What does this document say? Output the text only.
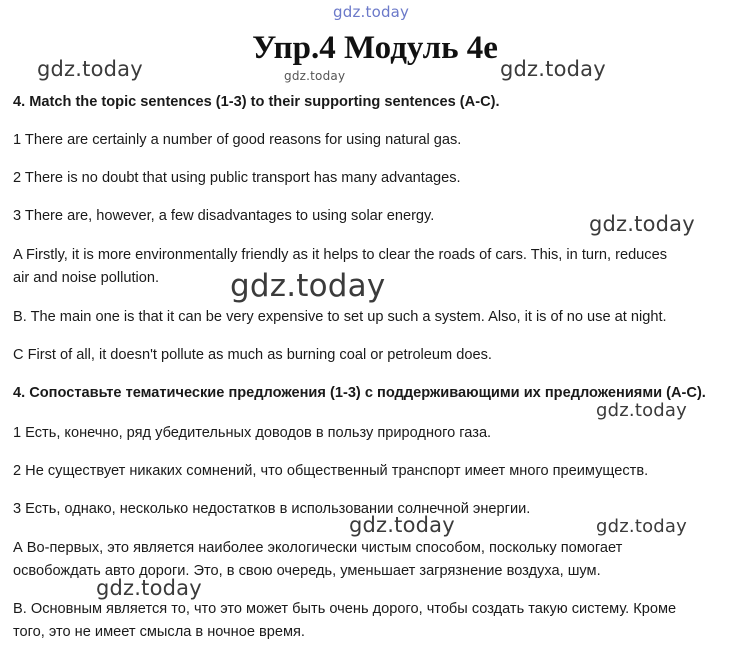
gdz.today

gdz.today	gdz.today	gdz.today

gdz.today

gdz.today

gdz.today

gdz.today	gdz.today

gdz.today

Упр.4 Модуль 4е

4. Match the topic sentences (1-3) to their supporting sentences (A-C).

1 There are certainly a number of good reasons for using natural gas.

2 There is no doubt that using public transport has many advantages.

3 There are, however, a few disadvantages to using solar energy.

A Firstly, it is more environmentally friendly as it helps to clear the roads of cars. This, in turn, reduces

air and noise pollution.

B. The main one is that it can be very expensive to set up such a system. Also, it is of no use at night.

C First of all, it doesn't pollute as much as burning coal or petroleum does.

4. Сопоставьте тематические предложения (1-3) с поддерживающими их предложениями (A-C).

1 Есть, конечно, ряд убедительных доводов в пользу природного газа.

2 Не существует никаких сомнений, что общественный транспорт имеет много преимуществ.

3 Есть, однако, несколько недостатков в использовании солнечной энергии.

А Во-первых, это является наиболее экологически чистым способом, поскольку помогает

освобождать авто дороги. Это, в свою очередь, уменьшает загрязнение воздуха, шум.

В. Основным является то, что это может быть очень дорого, чтобы создать такую систему. Кроме

того, это не имеет смысла в ночное время.
